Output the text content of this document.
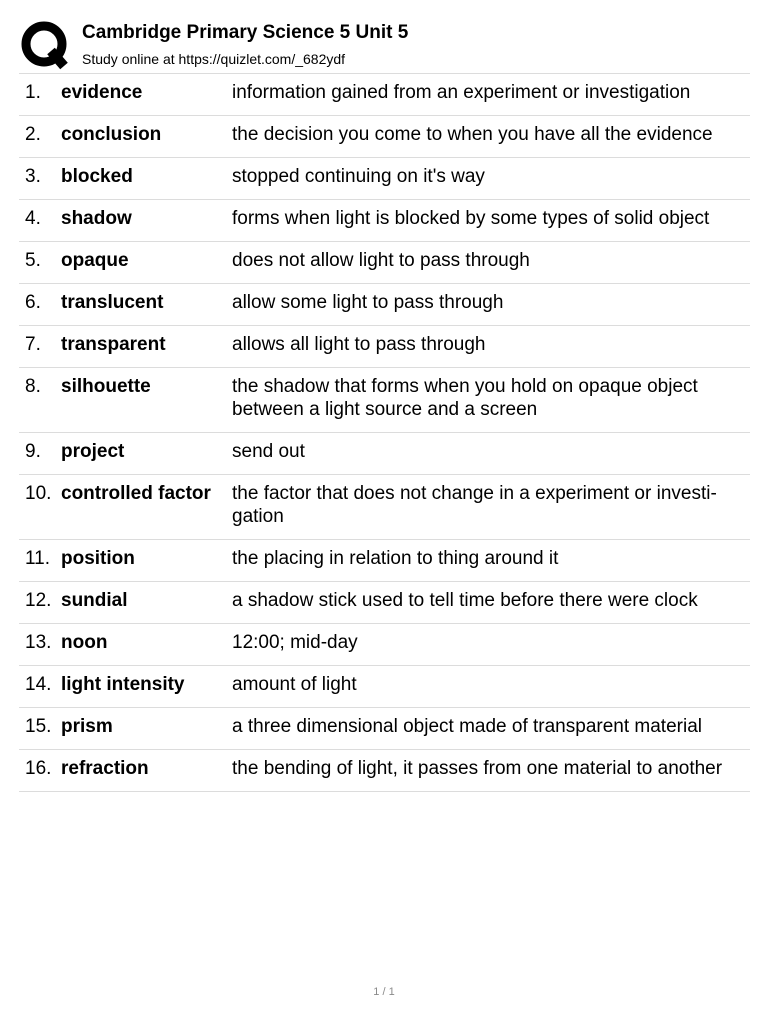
Cambridge Primary Science 5 Unit 5
Study online at https://quizlet.com/_682ydf
1.	evidence	information gained from an experiment or investigation
2.	conclusion	the decision you come to when you have all the evidence
3.	blocked	stopped continuing on it's way
4.	shadow	forms when light is blocked by some types of solid object
5.	opaque	does not allow light to pass through
6.	translucent	allow some light to pass through
7.	transparent	allows all light to pass through
8.	silhouette	the shadow that forms when you hold on opaque object between a light source and a screen
9.	project	send out
10. controlled factor	the factor that does not change in a experiment or investi-gation
11. position	the placing in relation to thing around it
12. sundial	a shadow stick used to tell time before there were clock
13. noon	12:00; mid-day
14. light intensity	amount of light
15. prism	a three dimensional object made of transparent material
16. refraction	the bending of light, it passes from one material to another
1 / 1
